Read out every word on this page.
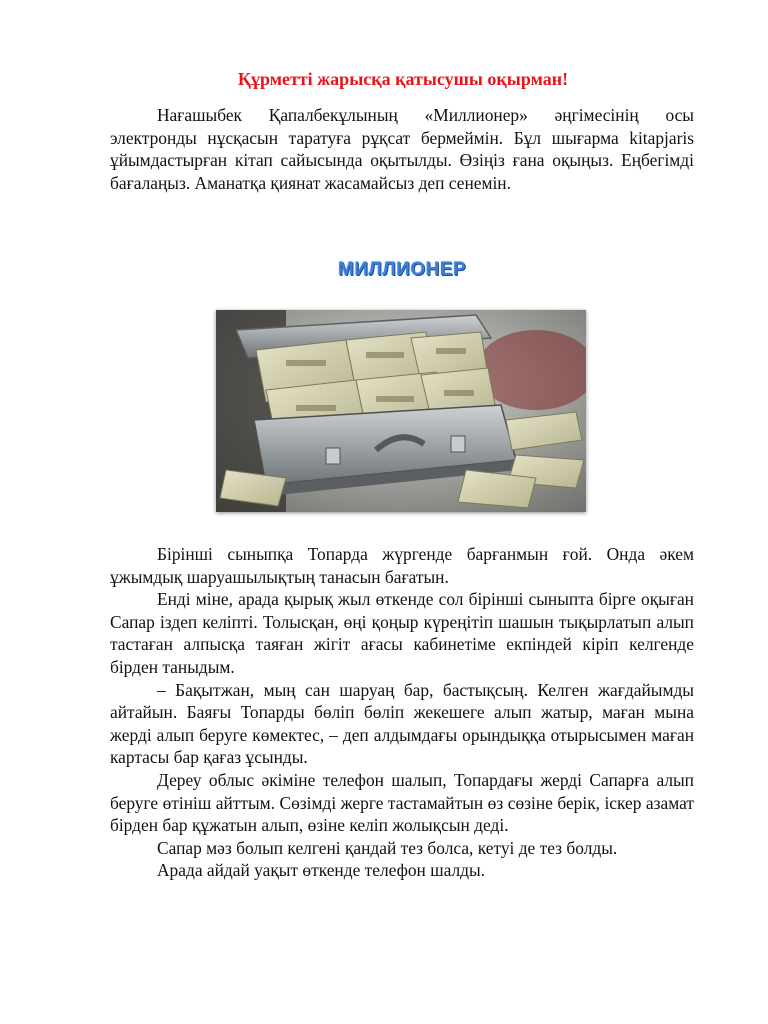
Құрметті жарысқа қатысушы оқырман!

Нағашыбек Қапалбекұлының «Миллионер» әңгімесінің осы электронды нұсқасын таратуға рұқсат бермеймін. Бұл шығарма kitapjaris ұйымдастырған кітап сайысында оқытылды. Өзіңіз ғана оқыңыз. Еңбегімді бағалаңыз. Аманатқа қиянат жасамайсыз деп сенемін.

МИЛЛИОНЕР

Бірінші сыныпқа Топарда жүргенде барғанмын ғой. Онда әкем ұжымдық шаруашылықтың танасын бағатын.

Енді міне, арада қырық жыл өткенде сол бірінші сыныпта бірге оқыған Сапар іздеп келіпті. Толысқан, өңі қоңыр күреңітіп шашын тықырлатып алып тастаған алпысқа таяған жігіт ағасы кабинетіме екпіндей кіріп келгенде бірден таныдым.

– Бақытжан, мың сан шаруаң бар, бастықсың. Келген жағдайымды айтайын. Баяғы Топарды бөліп бөліп жекешеге алып жатыр, маған мына жерді алып беруге көмектес, – деп алдымдағы орындыққа отырысымен маған картасы бар қағаз ұсынды.

Дереу облыс әкіміне телефон шалып, Топардағы жерді Сапарға алып беруге өтініш айттым. Сөзімді жерге тастамайтын өз сөзіне берік, іскер азамат бірден бар құжатын алып, өзіне келіп жолықсын деді.

Сапар мәз болып келгені қандай тез болса, кетуі де тез болды.

Арада айдай уақыт өткенде телефон шалды.
